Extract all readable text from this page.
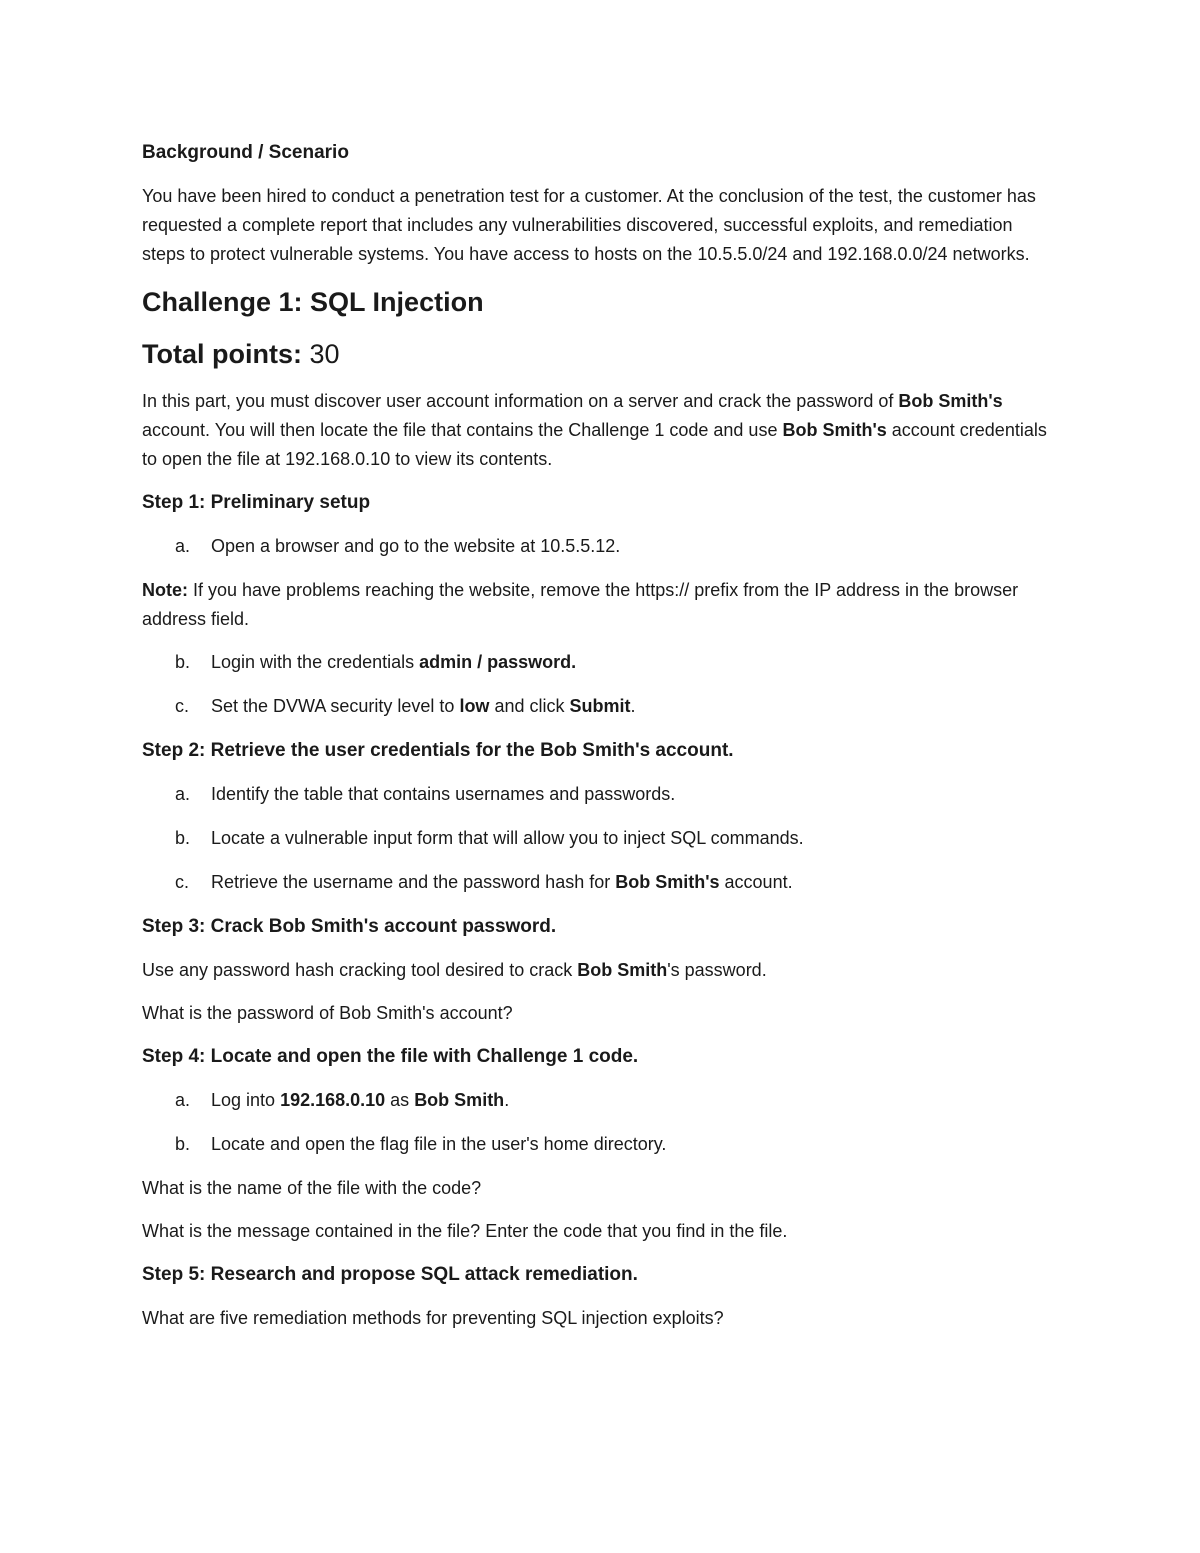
Background / Scenario

You have been hired to conduct a penetration test for a customer. At the conclusion of the test, the customer has requested a complete report that includes any vulnerabilities discovered, successful exploits, and remediation steps to protect vulnerable systems. You have access to hosts on the 10.5.5.0/24 and 192.168.0.0/24 networks.

Challenge 1: SQL Injection
Total points: 30

In this part, you must discover user account information on a server and crack the password of Bob Smith's account. You will then locate the file that contains the Challenge 1 code and use Bob Smith's account credentials to open the file at 192.168.0.10 to view its contents.

Step 1: Preliminary setup
a.	Open a browser and go to the website at 10.5.5.12.

Note: If you have problems reaching the website, remove the https:// prefix from the IP address in the browser address field.

b.	Login with the credentials admin / password.
c.	Set the DVWA security level to low and click Submit.
Step 2: Retrieve the user credentials for the Bob Smith's account.
a.	Identify the table that contains usernames and passwords.
b.	Locate a vulnerable input form that will allow you to inject SQL commands.
c.	Retrieve the username and the password hash for Bob Smith's account.
Step 3: Crack Bob Smith's account password.

Use any password hash cracking tool desired to crack Bob Smith's password.

What is the password of Bob Smith's account?

Step 4: Locate and open the file with Challenge 1 code.
a.	Log into 192.168.0.10 as Bob Smith.
b.	Locate and open the flag file in the user's home directory.

What is the name of the file with the code?

What is the message contained in the file? Enter the code that you find in the file.

Step 5: Research and propose SQL attack remediation.

What are five remediation methods for preventing SQL injection exploits?
